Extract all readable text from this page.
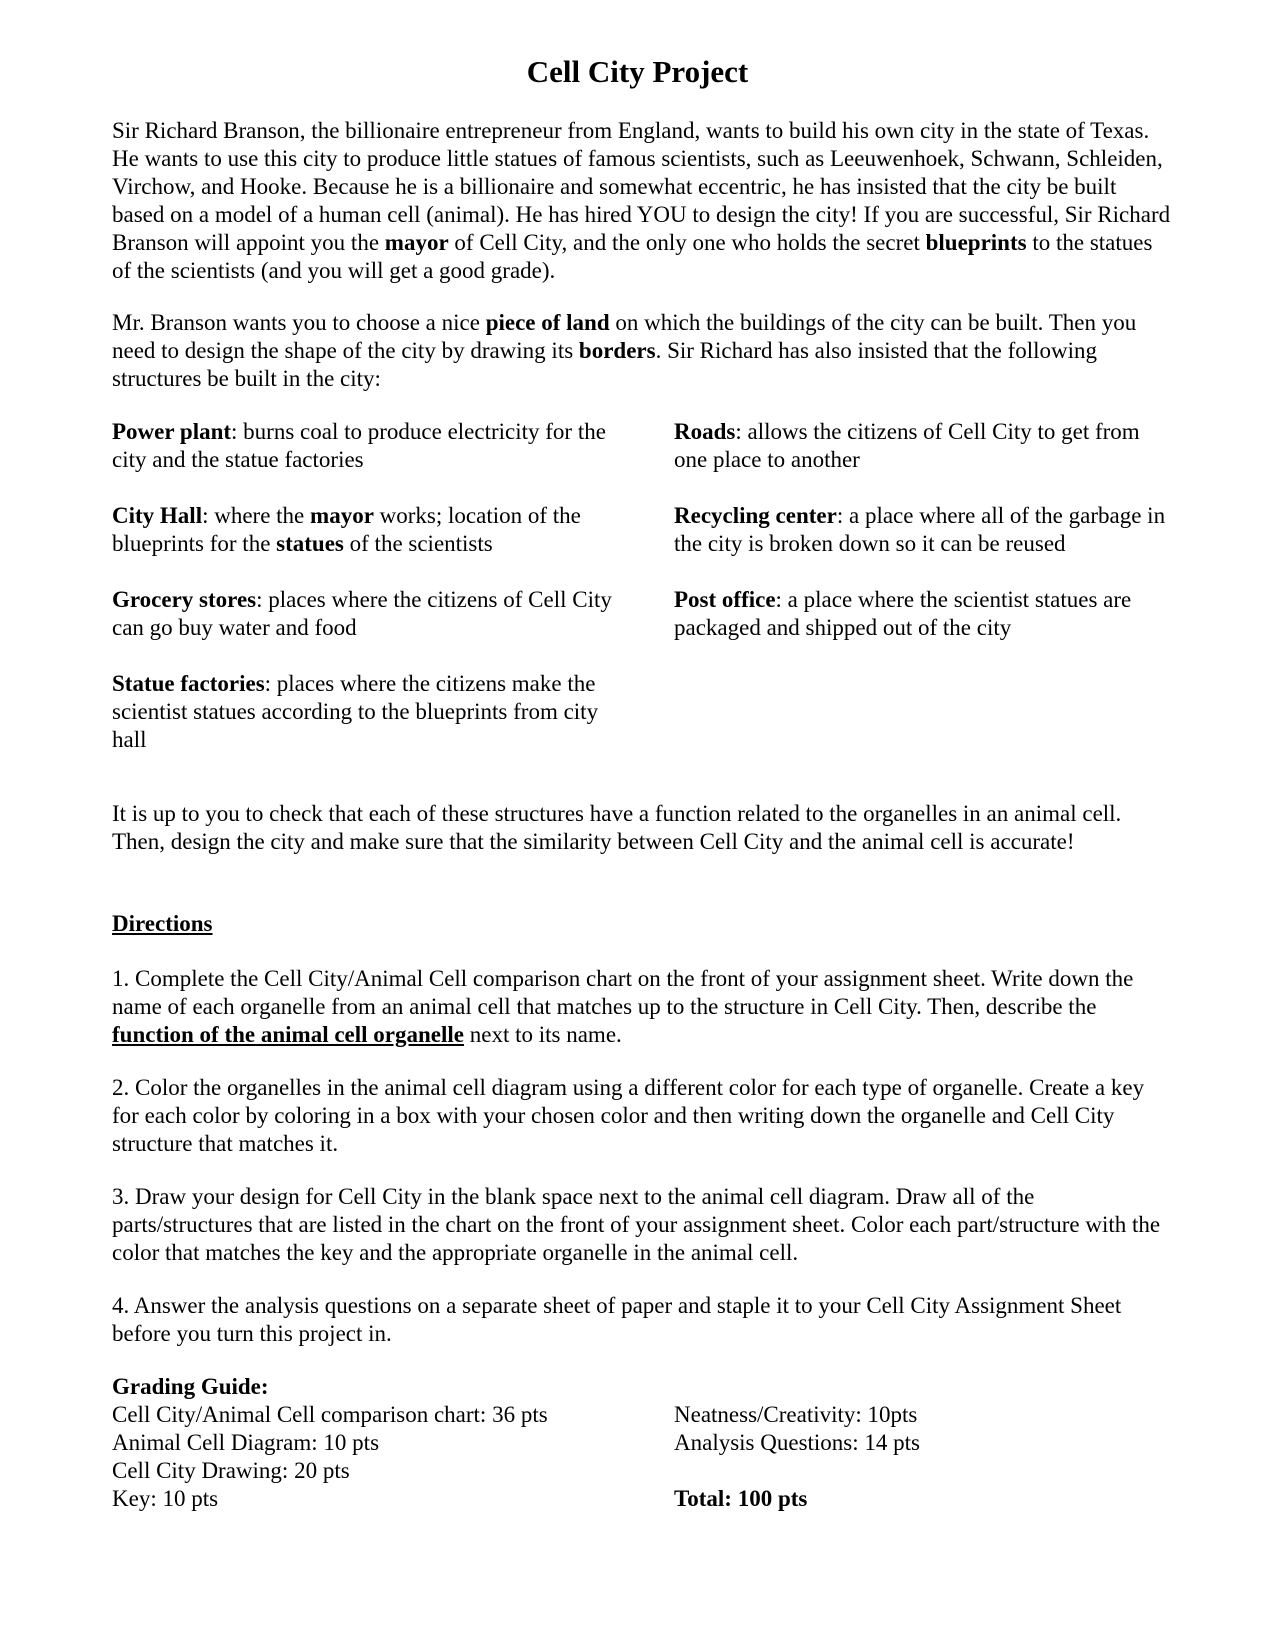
Cell City Project

Sir Richard Branson, the billionaire entrepreneur from England, wants to build his own city in the state of Texas. He wants to use this city to produce little statues of famous scientists, such as Leeuwenhoek, Schwann, Schleiden, Virchow, and Hooke. Because he is a billionaire and somewhat eccentric, he has insisted that the city be built based on a model of a human cell (animal). He has hired YOU to design the city! If you are successful, Sir Richard Branson will appoint you the mayor of Cell City, and the only one who holds the secret blueprints to the statues of the scientists (and you will get a good grade).

Mr. Branson wants you to choose a nice piece of land on which the buildings of the city can be built. Then you need to design the shape of the city by drawing its borders. Sir Richard has also insisted that the following structures be built in the city:

Power plant: burns coal to produce electricity for the city and the statue factories

City Hall: where the mayor works; location of the blueprints for the statues of the scientists

Grocery stores: places where the citizens of Cell City can go buy water and food

Statue factories: places where the citizens make the scientist statues according to the blueprints from city hall

Roads: allows the citizens of Cell City to get from one place to another

Recycling center: a place where all of the garbage in the city is broken down so it can be reused

Post office: a place where the scientist statues are packaged and shipped out of the city

It is up to you to check that each of these structures have a function related to the organelles in an animal cell. Then, design the city and make sure that the similarity between Cell City and the animal cell is accurate!

Directions

1. Complete the Cell City/Animal Cell comparison chart on the front of your assignment sheet. Write down the name of each organelle from an animal cell that matches up to the structure in Cell City. Then, describe the function of the animal cell organelle next to its name.

2. Color the organelles in the animal cell diagram using a different color for each type of organelle. Create a key for each color by coloring in a box with your chosen color and then writing down the organelle and Cell City structure that matches it.

3. Draw your design for Cell City in the blank space next to the animal cell diagram. Draw all of the parts/structures that are listed in the chart on the front of your assignment sheet. Color each part/structure with the color that matches the key and the appropriate organelle in the animal cell.

4. Answer the analysis questions on a separate sheet of paper and staple it to your Cell City Assignment Sheet before you turn this project in.

Grading Guide:

Cell City/Animal Cell comparison chart: 36 pts

Animal Cell Diagram: 10 pts

Cell City Drawing: 20 pts

Key: 10 pts

Neatness/Creativity: 10pts

Analysis Questions: 14 pts

Total: 100 pts
